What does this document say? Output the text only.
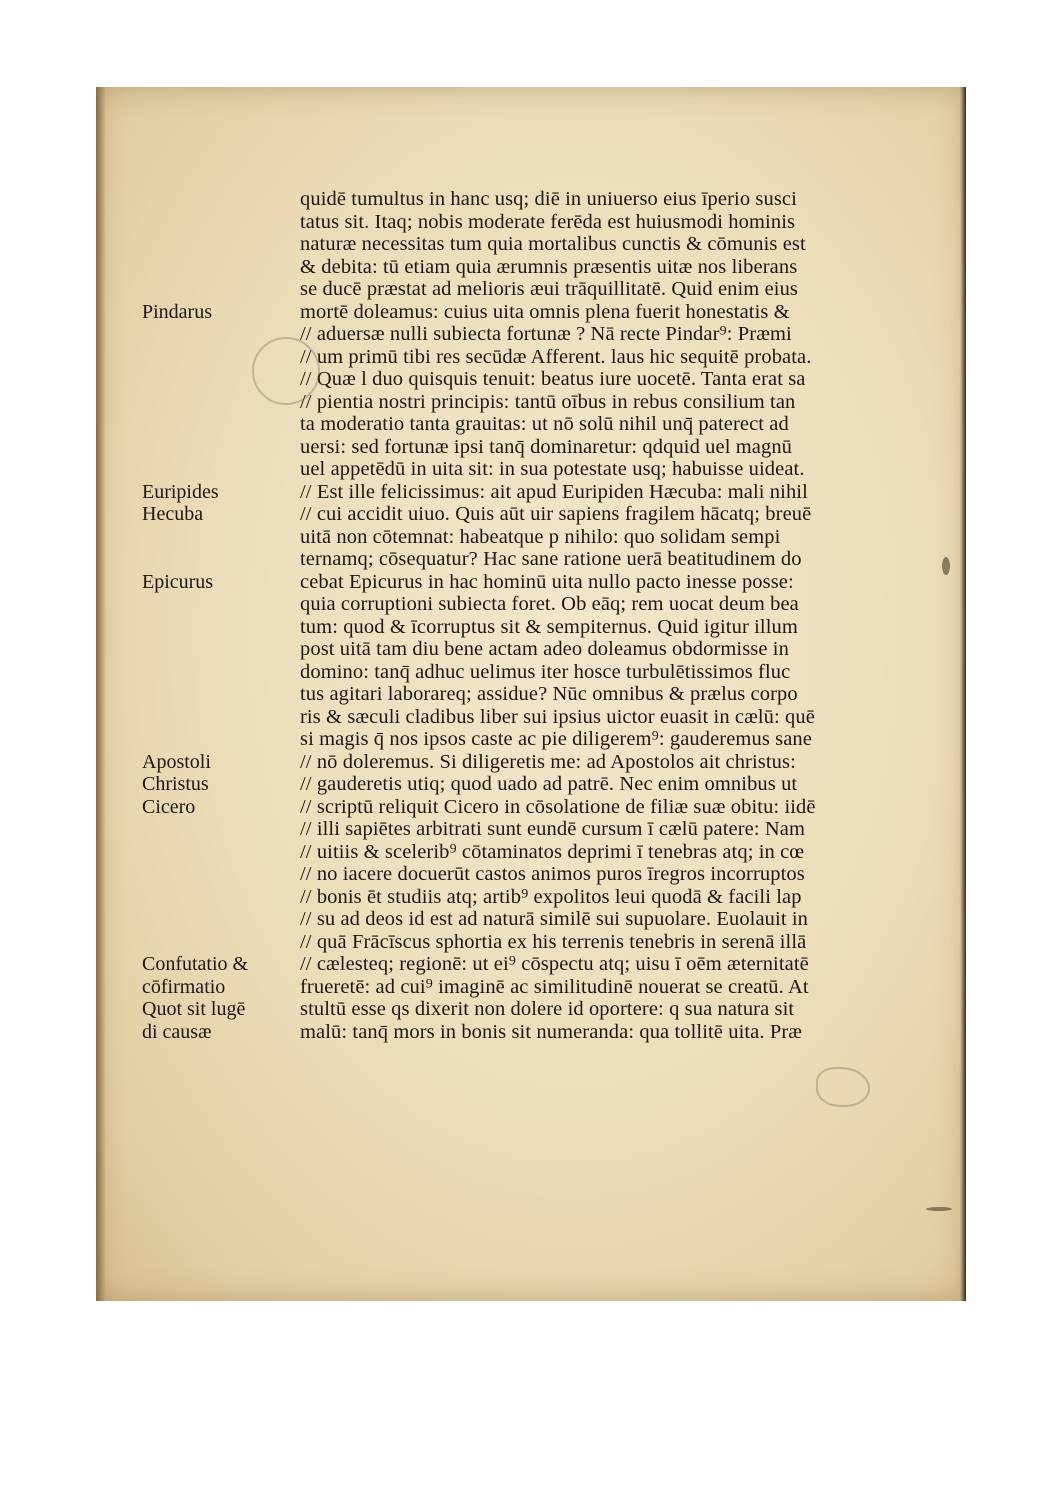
Pindarus
Euripides
Hecuba
Epicurus
Apostoli
Christus
Cicero
Confutatio &
cōfirmatio
Quot sit lugē
di causæ
quidē tumultus in hanc usq; diē in uniuerso eius īperio susci
tatus sit. Itaq; nobis moderate ferēda est huiusmodi hominis
naturæ necessitas tum quia mortalibus cunctis & cōmunis est
& debita: tū etiam quia ærumnis præsentis uitæ nos liberans
se ducē præstat ad melioris æui trāquillitatē. Quid enim eius
mortē doleamus: cuius uita omnis plena fuerit honestatis &
// aduersæ nulli subiecta fortunæ ? Nā recte Pindar⁹: Præmi
// um primū tibi res secūdæ Afferent. laus hic sequitē probata.
// Quæ l duo quisquis tenuit: beatus iure uocetē. Tanta erat sa
// pientia nostri principis: tantū oībus in rebus consilium tan
ta moderatio tanta grauitas: ut nō solū nihil unq̄ paterect ad
uersi: sed fortunæ ipsi tanq̄ dominaretur: qdquid uel magnū
uel appetēdū in uita sit: in sua potestate usq; habuisse uideat.
// Est ille felicissimus: ait apud Euripiden Hæcuba: mali nihil
// cui accidit uiuo. Quis aūt uir sapiens fragilem hācatq; breuē
uitā non cōtemnat: habeatque p nihilo: quo solidam sempi
ternamq; cōsequatur? Hac sane ratione uerā beatitudinem do
cebat Epicurus in hac hominū uita nullo pacto inesse posse:
quia corruptioni subiecta foret. Ob eāq; rem uocat deum bea
tum: quod & īcorruptus sit & sempiternus. Quid igitur illum
post uitā tam diu bene actam adeo doleamus obdormisse in
domino: tanq̄ adhuc uelimus iter hosce turbulētissimos fluc
tus agitari laborareq; assidue? Nūc omnibus & prælus corpo
ris & sæculi cladibus liber sui ipsius uictor euasit in cælū: quē
si magis q̄ nos ipsos caste ac pie diligerem⁹: gauderemus sane
// nō doleremus. Si diligeretis me: ad Apostolos ait christus:
// gauderetis utiq; quod uado ad patrē. Nec enim omnibus ut
// scriptū reliquit Cicero in cōsolatione de filiæ suæ obitu: iidē
// illi sapiētes arbitrati sunt eundē cursum ī cælū patere: Nam
// uitiis & scelerib⁹ cōtaminatos deprimi ī tenebras atq; in cœ
// no iacere docuerūt castos animos puros īregros incorruptos
// bonis ēt studiis atq; artib⁹ expolitos leui quodā & facili lap
// su ad deos id est ad naturā similē sui supuolare. Euolauit in
// quā Frācīscus sphortia ex his terrenis tenebris in serenā illā
// cælesteq; regionē: ut ei⁹ cōspectu atq; uisu ī oēm æternitatē
frueretē: ad cui⁹ imaginē ac similitudinē nouerat se creatū. At
stultū esse qs dixerit non dolere id oportere: q sua natura sit
malū: tanq̄ mors in bonis sit numeranda: qua tollitē uita. Præ
